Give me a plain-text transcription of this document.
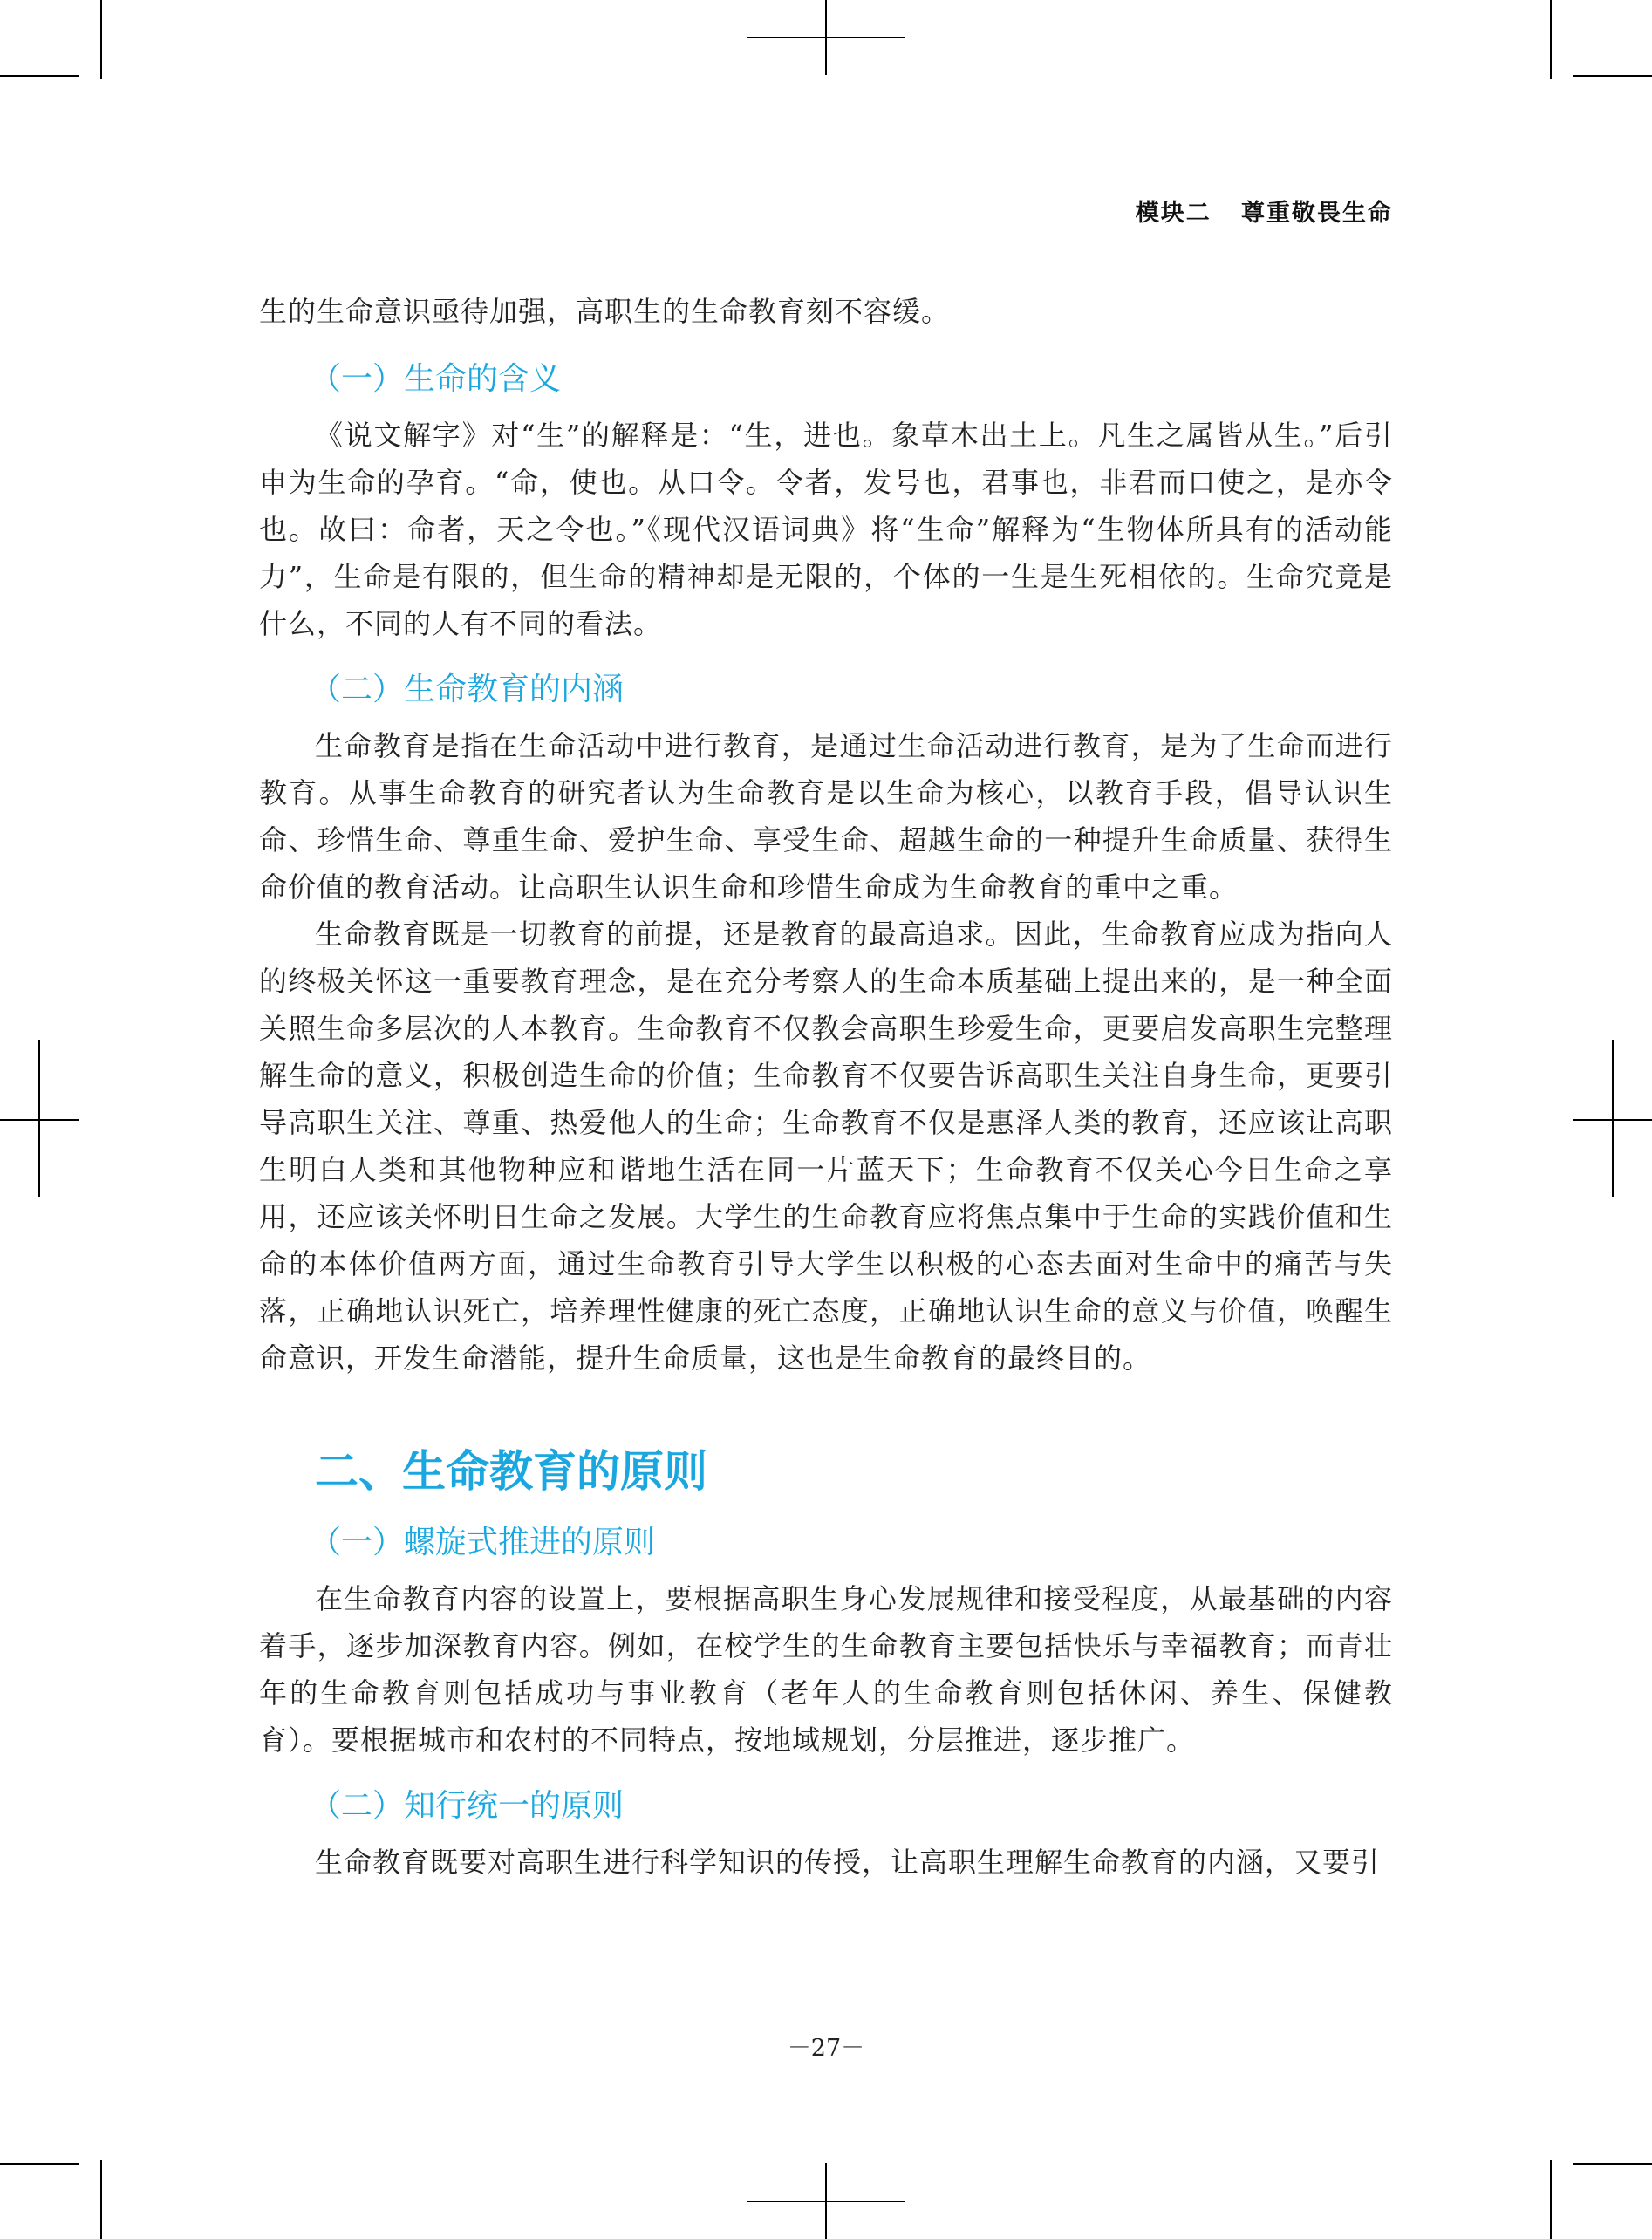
模块二 尊重敬畏生命

生的生命意识亟待加强，高职生的生命教育刻不容缓。

（一）生命的含义

《说文解字》对“生”的解释是：“生，进也。象草木出土上。凡生之属皆从生。”后引申为生命的孕育。“命，使也。从口令。令者，发号也，君事也，非君而口使之，是亦令也。故曰：命者，天之令也。”《现代汉语词典》将“生命”解释为“生物体所具有的活动能力”，生命是有限的，但生命的精神却是无限的，个体的一生是生死相依的。生命究竟是什么，不同的人有不同的看法。

（二）生命教育的内涵

生命教育是指在生命活动中进行教育，是通过生命活动进行教育，是为了生命而进行教育。从事生命教育的研究者认为生命教育是以生命为核心，以教育手段，倡导认识生命、珍惜生命、尊重生命、爱护生命、享受生命、超越生命的一种提升生命质量、获得生命价值的教育活动。让高职生认识生命和珍惜生命成为生命教育的重中之重。

生命教育既是一切教育的前提，还是教育的最高追求。因此，生命教育应成为指向人的终极关怀这一重要教育理念，是在充分考察人的生命本质基础上提出来的，是一种全面关照生命多层次的人本教育。生命教育不仅教会高职生珍爱生命，更要启发高职生完整理解生命的意义，积极创造生命的价值；生命教育不仅要告诉高职生关注自身生命，更要引导高职生关注、尊重、热爱他人的生命；生命教育不仅是惠泽人类的教育，还应该让高职生明白人类和其他物种应和谐地生活在同一片蓝天下；生命教育不仅关心今日生命之享用，还应该关怀明日生命之发展。大学生的生命教育应将焦点集中于生命的实践价值和生命的本体价值两方面，通过生命教育引导大学生以积极的心态去面对生命中的痛苦与失落，正确地认识死亡，培养理性健康的死亡态度，正确地认识生命的意义与价值，唤醒生命意识，开发生命潜能，提升生命质量，这也是生命教育的最终目的。

二、生命教育的原则
（一）螺旋式推进的原则

在生命教育内容的设置上，要根据高职生身心发展规律和接受程度，从最基础的内容着手，逐步加深教育内容。例如，在校学生的生命教育主要包括快乐与幸福教育；而青壮年的生命教育则包括成功与事业教育（老年人的生命教育则包括休闲、养生、保健教育）。要根据城市和农村的不同特点，按地域规划，分层推进，逐步推广。

（二）知行统一的原则

生命教育既要对高职生进行科学知识的传授，让高职生理解生命教育的内涵，又要引

－27－
